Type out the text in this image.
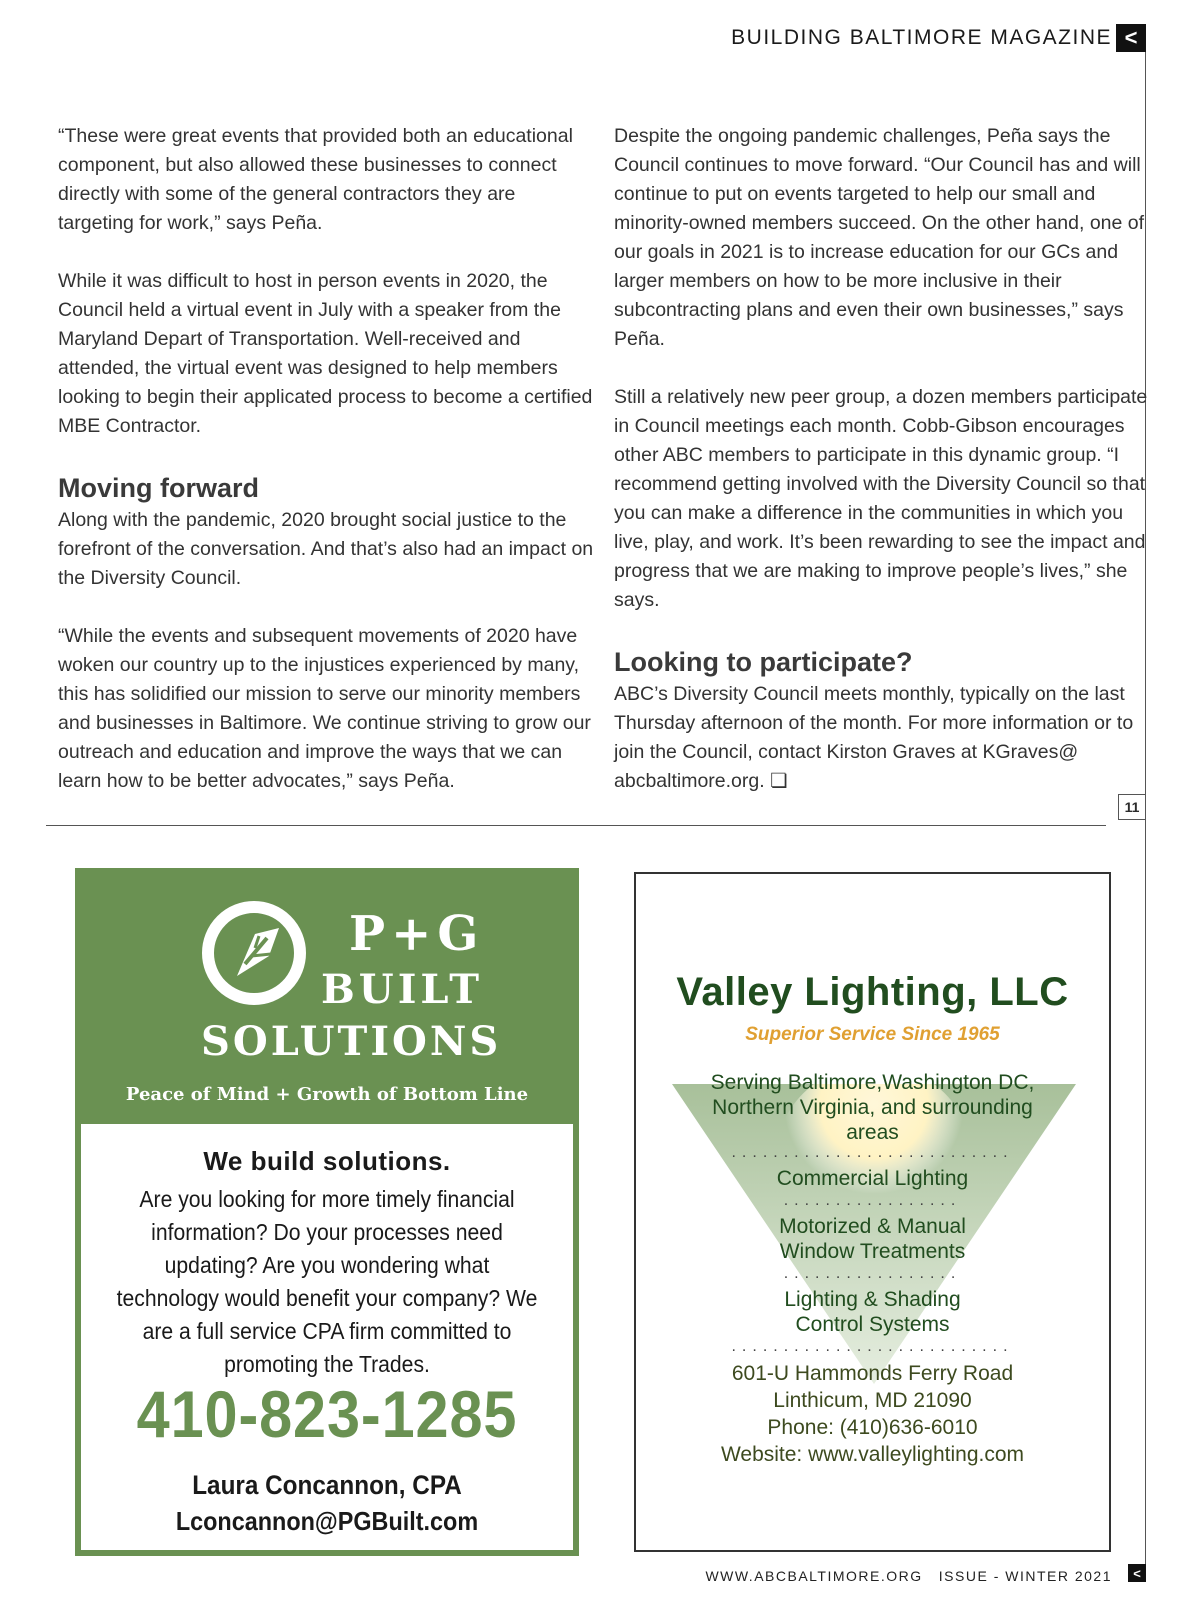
BUILDING BALTIMORE MAGAZINE <
11

“These were great events that provided both an educational component, but also allowed these businesses to connect directly with some of the general contractors they are targeting for work,” says Peña.

While it was difficult to host in person events in 2020, the Council held a virtual event in July with a speaker from the Maryland Depart of Transportation. Well-received and attended, the virtual event was designed to help members looking to begin their applicated process to become a certified MBE Contractor.

Moving forward

Along with the pandemic, 2020 brought social justice to the forefront of the conversation. And that’s also had an impact on the Diversity Council.

“While the events and subsequent movements of 2020 have woken our country up to the injustices experienced by many, this has solidified our mission to serve our minority members and businesses in Baltimore. We continue striving to grow our outreach and education and improve the ways that we can learn how to be better advocates,” says Peña.

Despite the ongoing pandemic challenges, Peña says the Council continues to move forward. “Our Council has and will continue to put on events targeted to help our small and minority-owned members succeed. On the other hand, one of our goals in 2021 is to increase education for our GCs and larger members on how to be more inclusive in their subcontracting plans and even their own businesses,” says Peña.

Still a relatively new peer group, a dozen members participate in Council meetings each month. Cobb-Gibson encourages other ABC members to participate in this dynamic group. “I recommend getting involved with the Diversity Council so that you can make a difference in the communities in which you live, play, and work. It’s been rewarding to see the impact and progress that we are making to improve people’s lives,” she says.

Looking to participate?

ABC’s Diversity Council meets monthly, typically on the last Thursday afternoon of the month. For more information or to join the Council, contact Kirston Graves at KGraves@ abcbaltimore.org. ❏

P+G
BUILT
SOLUTIONS
Peace of Mind + Growth of Bottom Line
We build solutions.
Are you looking for more timely financial information? Do your processes need updating? Are you wondering what technology would benefit your company? We are a full service CPA firm committed to promoting the Trades.
410-823-1285
Laura Concannon, CPA
Lconcannon@PGBuilt.com
Valley Lighting, LLC
Superior Service Since 1965
Serving Baltimore,Washington DC, Northern Virginia, and surrounding areas
...........................
Commercial Lighting
.................
Motorized & Manual
Window Treatments
.................
Lighting & Shading
Control Systems
...........................
601-U Hammonds Ferry Road
Linthicum, MD 21090
Phone: (410)636-6010
Website: www.valleylighting.com
WWW.ABCBALTIMORE.ORG   ISSUE - WINTER 2021	<
